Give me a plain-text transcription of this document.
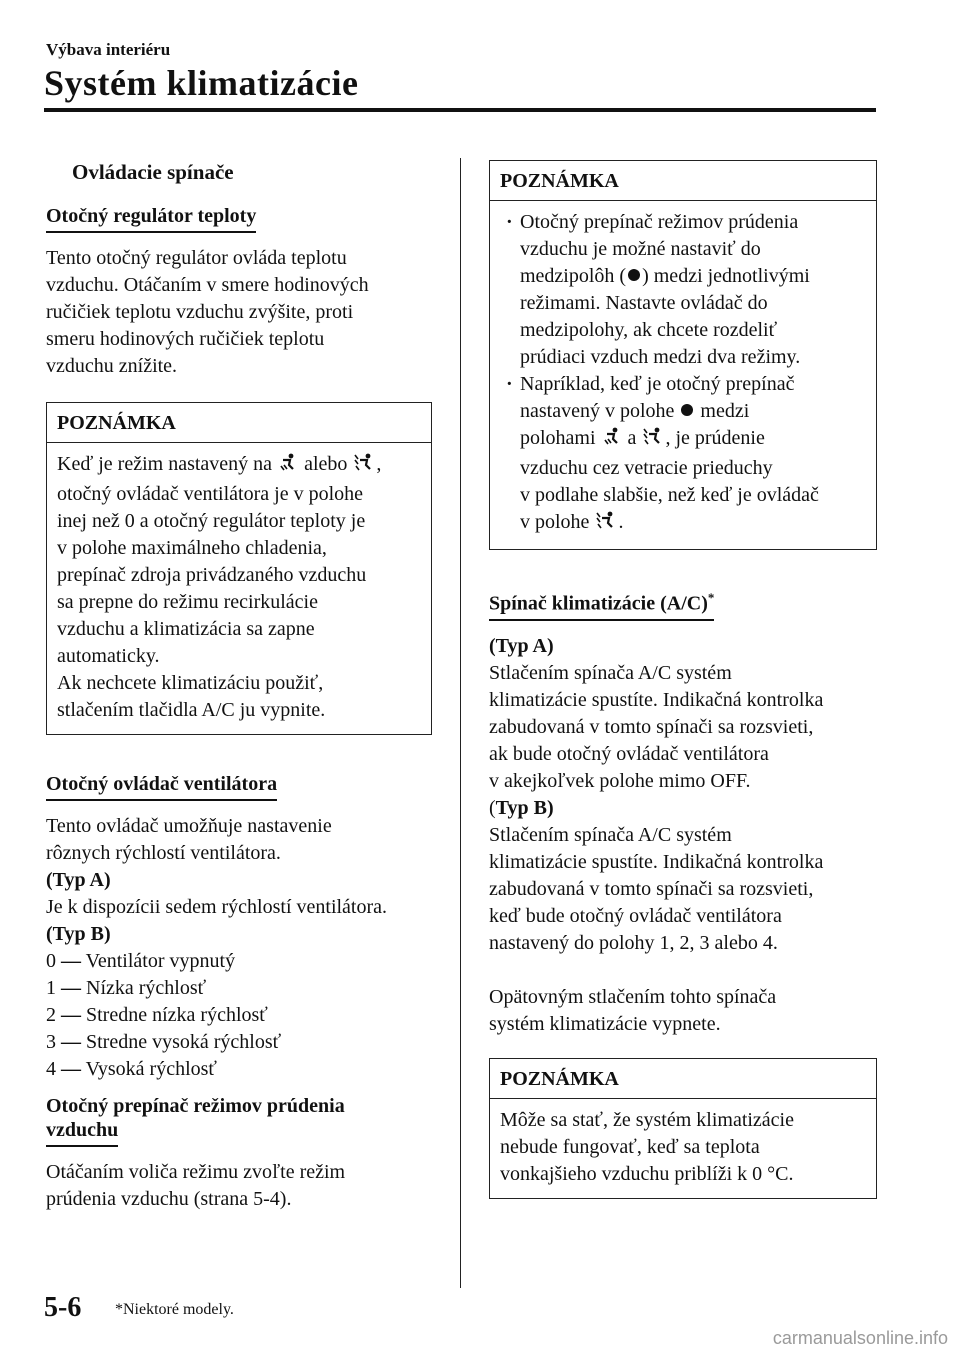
Výbava interiéru
Systém klimatizácie
Ovládacie spínače
Otočný regulátor teploty
Tento otočný regulátor ovláda teplotu
vzduchu. Otáčaním v smere hodinových
ručičiek teplotu vzduchu zvýšite, proti
smeru hodinových ručičiek teplotu
vzduchu znížite.
POZNÁMKA
Keď je režim nastavený na  alebo ,
otočný ovládač ventilátora je v polohe
inej než 0 a otočný regulátor teploty je
v polohe maximálneho chladenia,
prepínač zdroja privádzaného vzduchu
sa prepne do režimu recirkulácie
vzduchu a klimatizácia sa zapne
automaticky.
Ak nechcete klimatizáciu použiť,
stlačením tlačidla A/C ju vypnite.
Otočný ovládač ventilátora
Tento ovládač umožňuje nastavenie
rôznych rýchlostí ventilátora.
(Typ A)
Je k dispozícii sedem rýchlostí ventilátora.
(Typ B)
0 — Ventilátor vypnutý
1 — Nízka rýchlosť
2 — Stredne nízka rýchlosť
3 — Stredne vysoká rýchlosť
4 — Vysoká rýchlosť
Otočný prepínač režimov prúdenia
vzduchu
Otáčaním voliča režimu zvoľte režim
prúdenia vzduchu (strana 5-4).
POZNÁMKA
· Otočný prepínač režimov prúdenia
vzduchu je možné nastaviť do
medzipolôh ( ) medzi jednotlivými
režimami. Nastavte ovládač do
medzipolohy, ak chcete rozdeliť
prúdiaci vzduch medzi dva režimy.
· Napríklad, keď je otočný prepínač
nastavený v polohe  medzi
polohami  a , je prúdenie
vzduchu cez vetracie prieduchy
v podlahe slabšie, než keď je ovládač
v polohe .
Spínač klimatizácie (A/C)*
(Typ A)
Stlačením spínača A/C systém
klimatizácie spustíte. Indikačná kontrolka
zabudovaná v tomto spínači sa rozsvieti,
ak bude otočný ovládač ventilátora
v akejkoľvek polohe mimo OFF.
(Typ B)
Stlačením spínača A/C systém
klimatizácie spustíte. Indikačná kontrolka
zabudovaná v tomto spínači sa rozsvieti,
keď bude otočný ovládač ventilátora
nastavený do polohy 1, 2, 3 alebo 4.
Opätovným stlačením tohto spínača
systém klimatizácie vypnete.
POZNÁMKA
Môže sa stať, že systém klimatizácie
nebude fungovať, keď sa teplota
vonkajšieho vzduchu priblíži k 0 °C.
5-6 *Niektoré modely.
carmanualsonline.info
